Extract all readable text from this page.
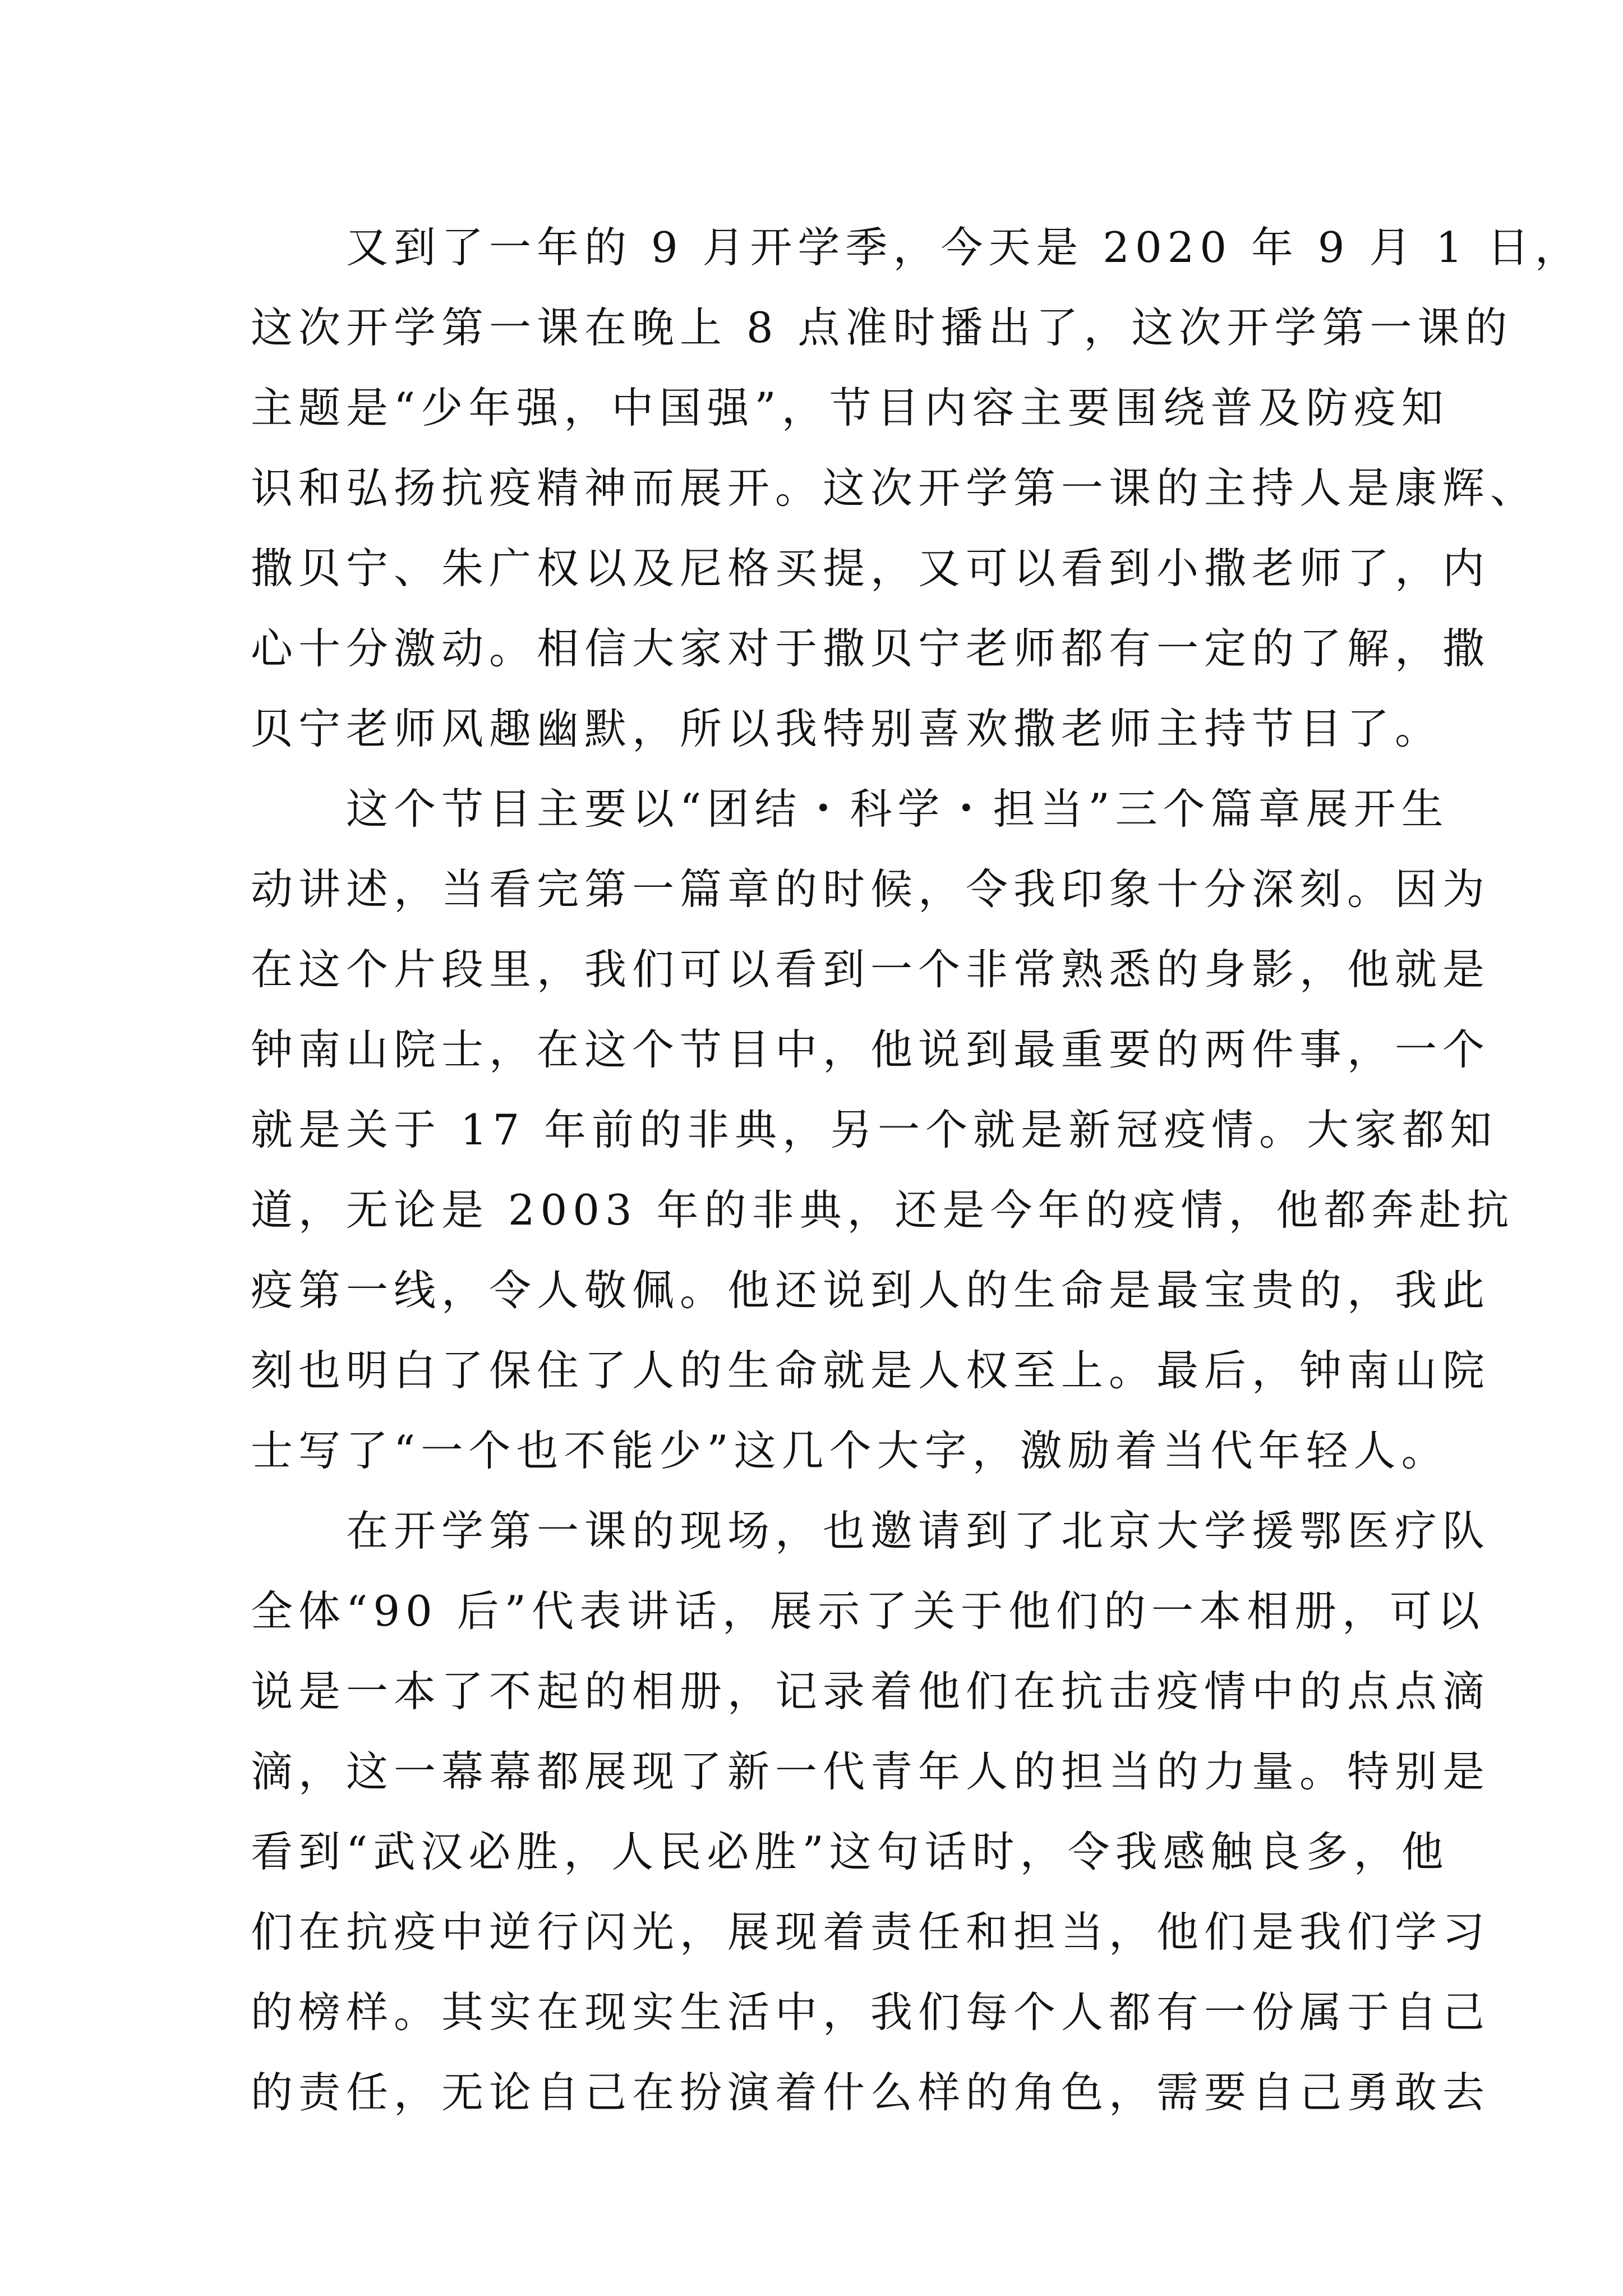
　　又到了一年的 9 月开学季，今天是 2020 年 9 月 1 日，
这次开学第一课在晚上 8 点准时播出了，这次开学第一课的
主题是“少年强，中国强”，节目内容主要围绕普及防疫知
识和弘扬抗疫精神而展开。这次开学第一课的主持人是康辉、
撒贝宁、朱广权以及尼格买提，又可以看到小撒老师了，内
心十分激动。相信大家对于撒贝宁老师都有一定的了解，撒
贝宁老师风趣幽默，所以我特别喜欢撒老师主持节目了。
　　这个节目主要以“团结・科学・担当”三个篇章展开生
动讲述，当看完第一篇章的时候，令我印象十分深刻。因为
在这个片段里，我们可以看到一个非常熟悉的身影，他就是
钟南山院士，在这个节目中，他说到最重要的两件事，一个
就是关于 17 年前的非典，另一个就是新冠疫情。大家都知
道，无论是 2003 年的非典，还是今年的疫情，他都奔赴抗
疫第一线，令人敬佩。他还说到人的生命是最宝贵的，我此
刻也明白了保住了人的生命就是人权至上。最后，钟南山院
士写了“一个也不能少”这几个大字，激励着当代年轻人。
　　在开学第一课的现场，也邀请到了北京大学援鄂医疗队
全体“90 后”代表讲话，展示了关于他们的一本相册，可以
说是一本了不起的相册，记录着他们在抗击疫情中的点点滴
滴，这一幕幕都展现了新一代青年人的担当的力量。特别是
看到“武汉必胜，人民必胜”这句话时，令我感触良多，他
们在抗疫中逆行闪光，展现着责任和担当，他们是我们学习
的榜样。其实在现实生活中，我们每个人都有一份属于自己
的责任，无论自己在扮演着什么样的角色，需要自己勇敢去
